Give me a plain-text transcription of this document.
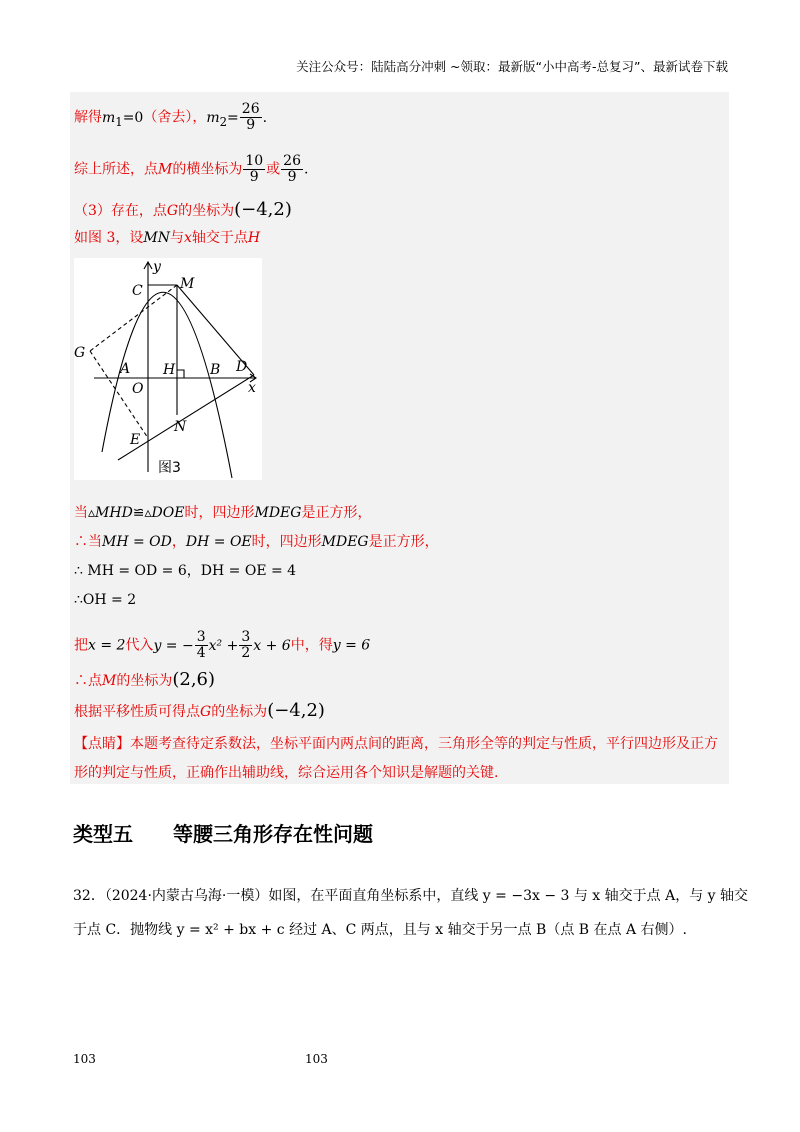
关注公众号：陆陆高分冲刺 ~领取：最新版“小中高考-总复习”、最新试卷下载
解得$m_1=0$（舍去），$m_2= \frac{26}{9}$ .
综上所述，点M的横坐标为 $\frac{10}{9}$ 或 $\frac{26}{9}$ .
（3）存在，点G的坐标为(−4,2)
如图 3，设MN与x轴交于点H
y
x
C	M
G
A
O
H B D
E
N
图3
当▵MHD≌▵DOE时，四边形MDEG是正方形，
∴当MH = OD，DH = OE时，四边形MDEG是正方形，
∴ MH = OD = 6，DH = OE = 4
∴OH = 2
把x = 2代入y = − $\frac{3}{4} x^2 + \frac{3}{2}$ x + 6中，得y = 6
∴点M的坐标为(2,6)
根据平移性质可得点G的坐标为(−4,2)
【点睛】本题考查待定系数法，坐标平面内两点间的距离，三角形全等的判定与性质，平行四边形及正方
形的判定与性质，正确作出辅助线，综合运用各个知识是解题的关键.
类型五 等腰三角形存在性问题
32．（2024·内蒙古乌海·一模）如图，在平面直角坐标系中，直线 y = −3x − 3 与 x 轴交于点 A，与 y 轴交
于点 C．抛物线 y = x² + bx + c 经过 A、C 两点，且与 x 轴交于另一点 B（点 B 在点 A 右侧）.
103	103
